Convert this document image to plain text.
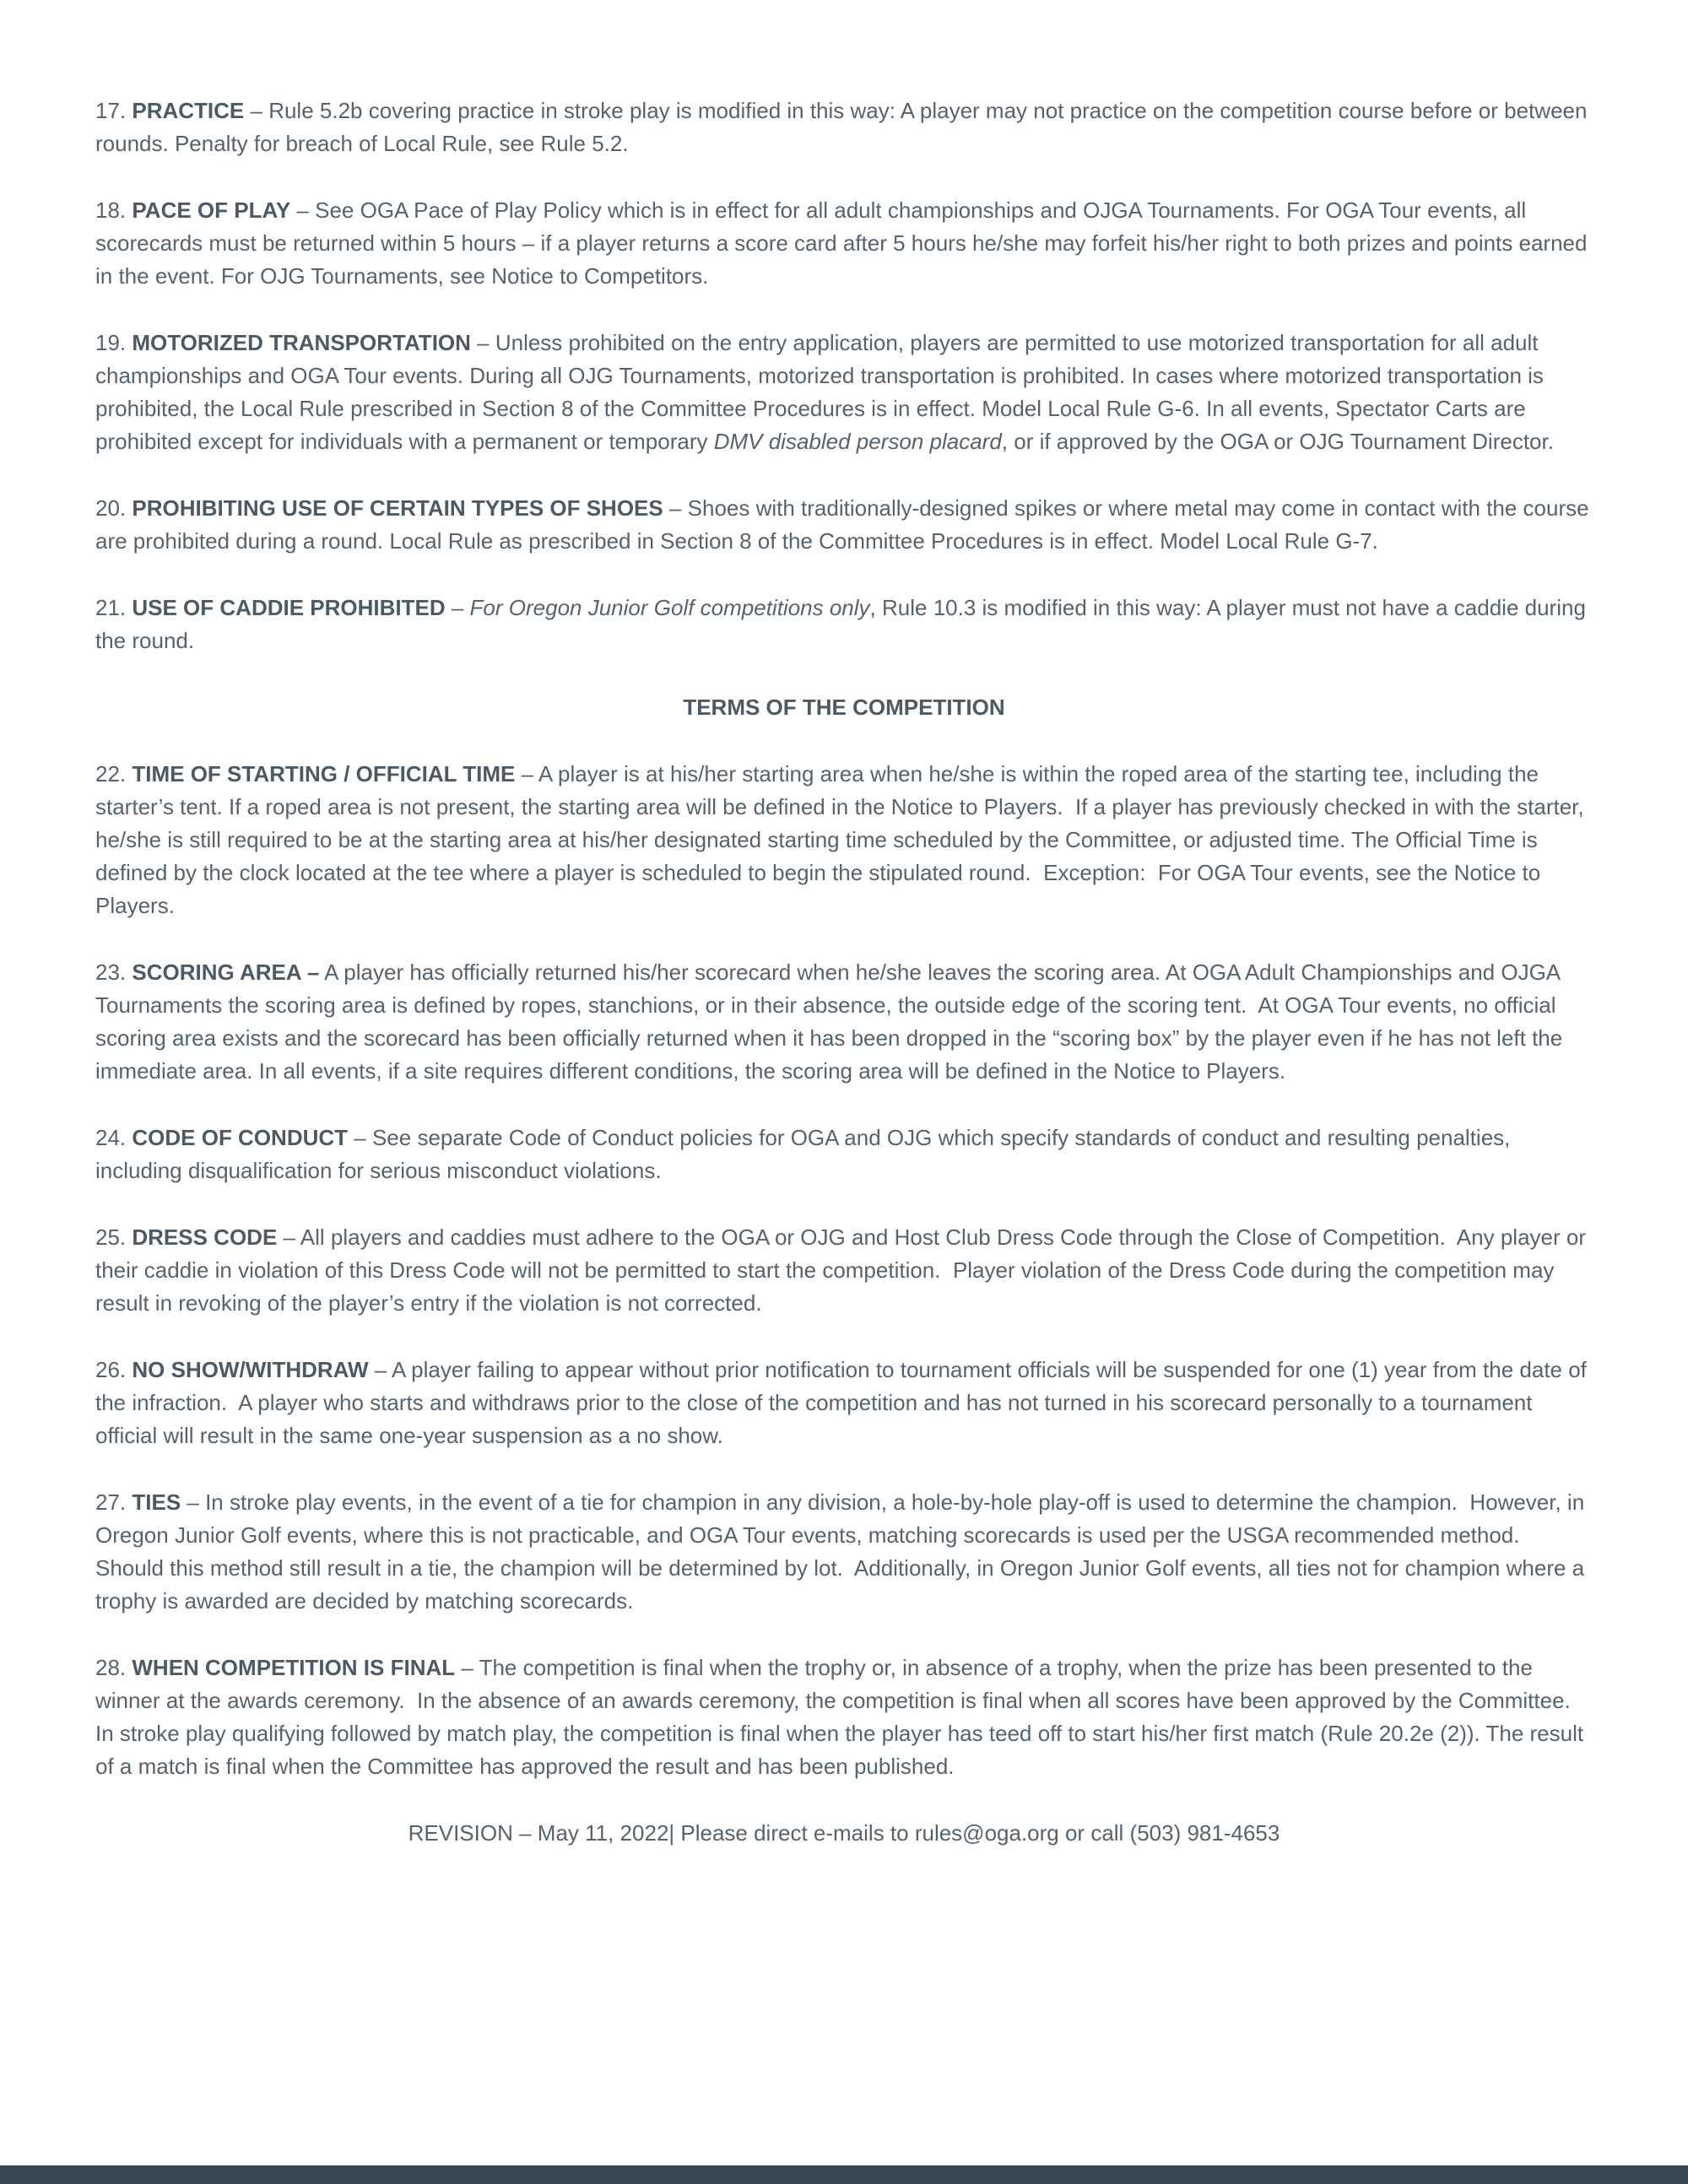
17. PRACTICE – Rule 5.2b covering practice in stroke play is modified in this way: A player may not practice on the competition course before or between rounds. Penalty for breach of Local Rule, see Rule 5.2.

18. PACE OF PLAY – See OGA Pace of Play Policy which is in effect for all adult championships and OJGA Tournaments. For OGA Tour events, all scorecards must be returned within 5 hours – if a player returns a score card after 5 hours he/she may forfeit his/her right to both prizes and points earned in the event. For OJG Tournaments, see Notice to Competitors.

19. MOTORIZED TRANSPORTATION – Unless prohibited on the entry application, players are permitted to use motorized transportation for all adult championships and OGA Tour events. During all OJG Tournaments, motorized transportation is prohibited. In cases where motorized transportation is prohibited, the Local Rule prescribed in Section 8 of the Committee Procedures is in effect. Model Local Rule G-6. In all events, Spectator Carts are prohibited except for individuals with a permanent or temporary DMV disabled person placard, or if approved by the OGA or OJG Tournament Director.

20. PROHIBITING USE OF CERTAIN TYPES OF SHOES – Shoes with traditionally-designed spikes or where metal may come in contact with the course are prohibited during a round. Local Rule as prescribed in Section 8 of the Committee Procedures is in effect. Model Local Rule G-7.

21. USE OF CADDIE PROHIBITED – For Oregon Junior Golf competitions only, Rule 10.3 is modified in this way: A player must not have a caddie during the round.

TERMS OF THE COMPETITION

22. TIME OF STARTING / OFFICIAL TIME – A player is at his/her starting area when he/she is within the roped area of the starting tee, including the starter’s tent. If a roped area is not present, the starting area will be defined in the Notice to Players.  If a player has previously checked in with the starter, he/she is still required to be at the starting area at his/her designated starting time scheduled by the Committee, or adjusted time. The Official Time is defined by the clock located at the tee where a player is scheduled to begin the stipulated round.  Exception:  For OGA Tour events, see the Notice to Players.

23. SCORING AREA – A player has officially returned his/her scorecard when he/she leaves the scoring area. At OGA Adult Championships and OJGA Tournaments the scoring area is defined by ropes, stanchions, or in their absence, the outside edge of the scoring tent.  At OGA Tour events, no official scoring area exists and the scorecard has been officially returned when it has been dropped in the “scoring box” by the player even if he has not left the immediate area. In all events, if a site requires different conditions, the scoring area will be defined in the Notice to Players.

24. CODE OF CONDUCT – See separate Code of Conduct policies for OGA and OJG which specify standards of conduct and resulting penalties, including disqualification for serious misconduct violations.

25. DRESS CODE – All players and caddies must adhere to the OGA or OJG and Host Club Dress Code through the Close of Competition.  Any player or their caddie in violation of this Dress Code will not be permitted to start the competition.  Player violation of the Dress Code during the competition may result in revoking of the player’s entry if the violation is not corrected.

26. NO SHOW/WITHDRAW – A player failing to appear without prior notification to tournament officials will be suspended for one (1) year from the date of the infraction.  A player who starts and withdraws prior to the close of the competition and has not turned in his scorecard personally to a tournament official will result in the same one-year suspension as a no show.

27. TIES – In stroke play events, in the event of a tie for champion in any division, a hole-by-hole play-off is used to determine the champion.  However, in Oregon Junior Golf events, where this is not practicable, and OGA Tour events, matching scorecards is used per the USGA recommended method.  Should this method still result in a tie, the champion will be determined by lot.  Additionally, in Oregon Junior Golf events, all ties not for champion where a trophy is awarded are decided by matching scorecards.

28. WHEN COMPETITION IS FINAL – The competition is final when the trophy or, in absence of a trophy, when the prize has been presented to the winner at the awards ceremony.  In the absence of an awards ceremony, the competition is final when all scores have been approved by the Committee.  In stroke play qualifying followed by match play, the competition is final when the player has teed off to start his/her first match (Rule 20.2e (2)). The result of a match is final when the Committee has approved the result and has been published.

REVISION – May 11, 2022| Please direct e-mails to rules@oga.org or call (503) 981-4653
